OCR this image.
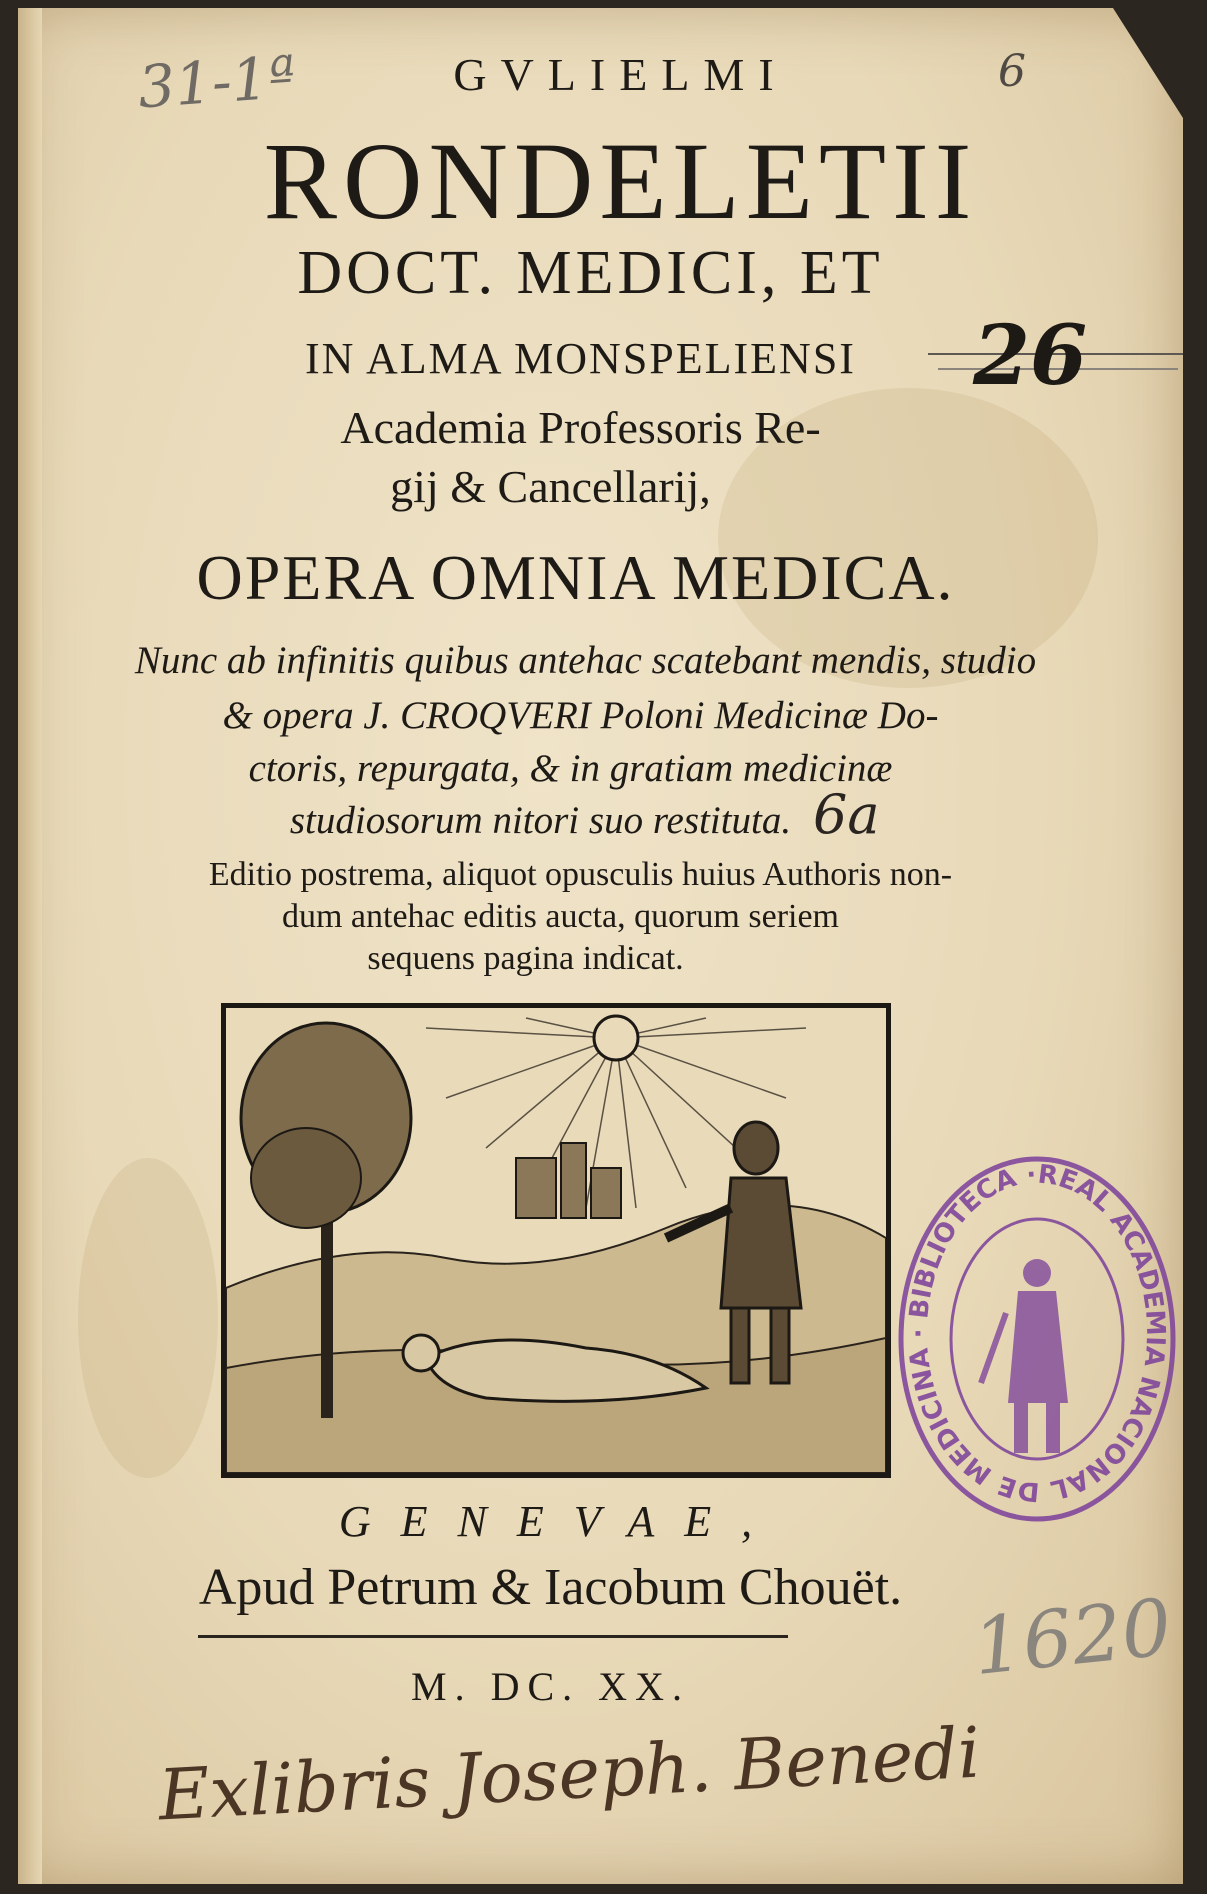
GVLIELMI
RONDELETII
DOCT. MEDICI, ET
IN ALMA MONSPELIENSI
Academia Professoris Re-
gij & Cancellarij,
OPERA OMNIA MEDICA.
Nunc ab infinitis quibus antehac scatebant mendis, studio
& opera J. CROQVERI Poloni Medicinæ Do-
ctoris, repurgata, & in gratiam medicinæ
studiosorum nitori suo restituta.
Editio postrema, aliquot opusculis huius Authoris non-
dum antehac editis aucta, quorum seriem
sequens pagina indicat.
GENEVAE,
Apud Petrum & Iacobum Chouët.
M. DC. XX.
31-1ª	6
26
6a
1620
Exlibris Joseph. Benedi
REAL ACADEMIA NACIONAL DE MEDICINA · BIBLIOTECA ·
